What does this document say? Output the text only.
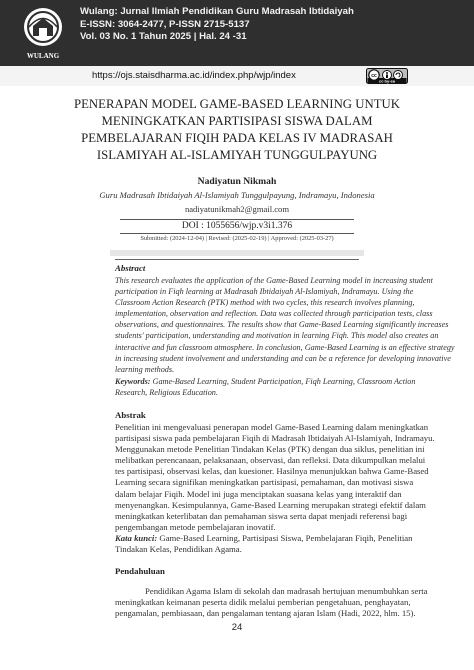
WULANG
Wulang: Jurnal Ilmiah Pendidikan Guru Madrasah Ibtidaiyah
E-ISSN: 3064-2477, P-ISSN 2715-5137
Vol. 03 No. 1 Tahun 2025 | Hal. 24 -31
https://ojs.staisdharma.ac.id/index.php/wjp/index	cc
cc by-sa
PENERAPAN MODEL GAME-BASED LEARNING UNTUK
MENINGKATKAN PARTISIPASI SISWA DALAM
PEMBELAJARAN FIQIH PADA KELAS IV MADRASAH
ISLAMIYAH AL-ISLAMIYAH TUNGGULPAYUNG
Nadiyatun Nikmah
Guru Madrasah Ibtidaiyah Al-Islamiyah Tunggulpayung, Indramayu, Indonesia
nadiyatunikmah2@gmail.com
DOI : 1055656/wjp.v3i1.376
Submitted: (2024-12-04) | Revised: (2025-02-19) | Approved: (2025-03-27)
Abstract
This research evaluates the application of the Game-Based Learning model in increasing student
participation in Fiqh learning at Madrasah Ibtidaiyah Al-Islamiyah, Indramayu. Using the
Classroom Action Research (PTK) method with two cycles, this research involves planning,
implementation, observation and reflection. Data was collected through participation tests, class
observations, and questionnaires. The results show that Game-Based Learning significantly increases
students' participation, understanding and motivation in learning Fiqh. This model also creates an
interactive and fun classroom atmosphere. In conclusion, Game-Based Learning is an effective strategy
in increasing student involvement and understanding and can be a reference for developing innovative
learning methods.
Keywords: Game-Based Learning, Student Participation, Fiqh Learning, Classroom Action
Research, Religious Education.
Abstrak
Penelitian ini mengevaluasi penerapan model Game-Based Learning dalam meningkatkan
partisipasi siswa pada pembelajaran Fiqih di Madrasah Ibtidaiyah Al-Islamiyah, Indramayu.
Menggunakan metode Penelitian Tindakan Kelas (PTK) dengan dua siklus, penelitian ini
melibatkan perencanaan, pelaksanaan, observasi, dan refleksi. Data dikumpulkan melalui
tes partisipasi, observasi kelas, dan kuesioner. Hasilnya menunjukkan bahwa Game-Based
Learning secara signifikan meningkatkan partisipasi, pemahaman, dan motivasi siswa
dalam belajar Fiqih. Model ini juga menciptakan suasana kelas yang interaktif dan
menyenangkan. Kesimpulannya, Game-Based Learning merupakan strategi efektif dalam
meningkatkan keterlibatan dan pemahaman siswa serta dapat menjadi referensi bagi
pengembangan metode pembelajaran inovatif.
Kata kunci: Game-Based Learning, Partisipasi Siswa, Pembelajaran Fiqih, Penelitian
Tindakan Kelas, Pendidikan Agama.
Pendahuluan
Pendidikan Agama Islam di sekolah dan madrasah bertujuan menumbuhkan serta
meningkatkan keimanan peserta didik melalui pemberian pengetahuan, penghayatan,
pengamalan, pembiasaan, dan pengalaman tentang ajaran Islam (Hadi, 2022, hlm. 15).
24
